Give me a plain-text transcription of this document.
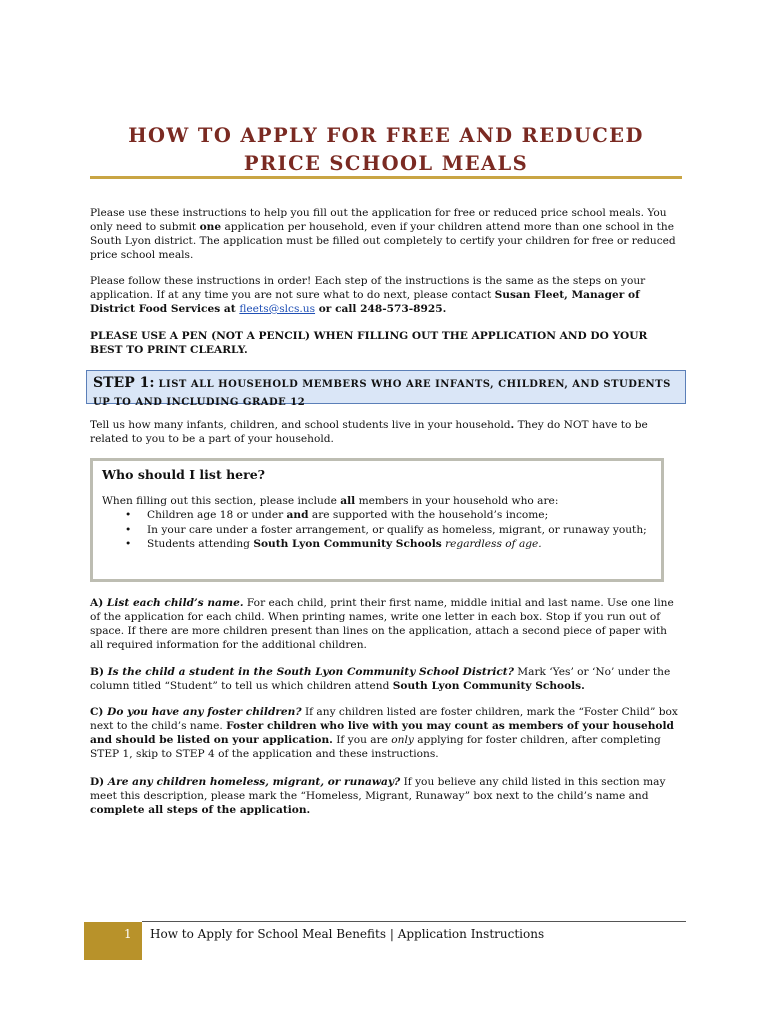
HOW TO APPLY FOR FREE AND REDUCED
PRICE SCHOOL MEALS

Please use these instructions to help you fill out the application for free or reduced price school meals. You only need to submit one application per household, even if your children attend more than one school in the South Lyon district. The application must be filled out completely to certify your children for free or reduced price school meals.

Please follow these instructions in order! Each step of the instructions is the same as the steps on your application. If at any time you are not sure what to do next, please contact Susan Fleet, Manager of District Food Services at fleets@slcs.us or call 248-573-8925.

PLEASE USE A PEN (NOT A PENCIL) WHEN FILLING OUT THE APPLICATION AND DO YOUR BEST TO PRINT CLEARLY.

STEP 1: LIST ALL HOUSEHOLD MEMBERS WHO ARE INFANTS, CHILDREN, AND STUDENTS

UP TO AND INCLUDING GRADE 12

Tell us how many infants, children, and school students live in your household. They do NOT have to be related to you to be a part of your household.

Who should I list here?

When filling out this section, please include all members in your household who are:

• Children age 18 or under and are supported with the household’s income;
• In your care under a foster arrangement, or qualify as homeless, migrant, or runaway youth;
• Students attending South Lyon Community Schools regardless of age.

A) List each child’s name. For each child, print their first name, middle initial and last name. Use one line of the application for each child. When printing names, write one letter in each box. Stop if you run out of space. If there are more children present than lines on the application, attach a second piece of paper with all required information for the additional children.

B) Is the child a student in the South Lyon Community School District? Mark ‘Yes’ or ‘No’ under the column titled “Student” to tell us which children attend South Lyon Community Schools.

C) Do you have any foster children? If any children listed are foster children, mark the “Foster Child” box next to the child’s name. Foster children who live with you may count as members of your household and should be listed on your application. If you are only applying for foster children, after completing STEP 1, skip to STEP 4 of the application and these instructions.

D) Are any children homeless, migrant, or runaway? If you believe any child listed in this section may meet this description, please mark the “Homeless, Migrant, Runaway” box next to the child’s name and complete all steps of the application.

1 How to Apply for School Meal Benefits | Application Instructions
